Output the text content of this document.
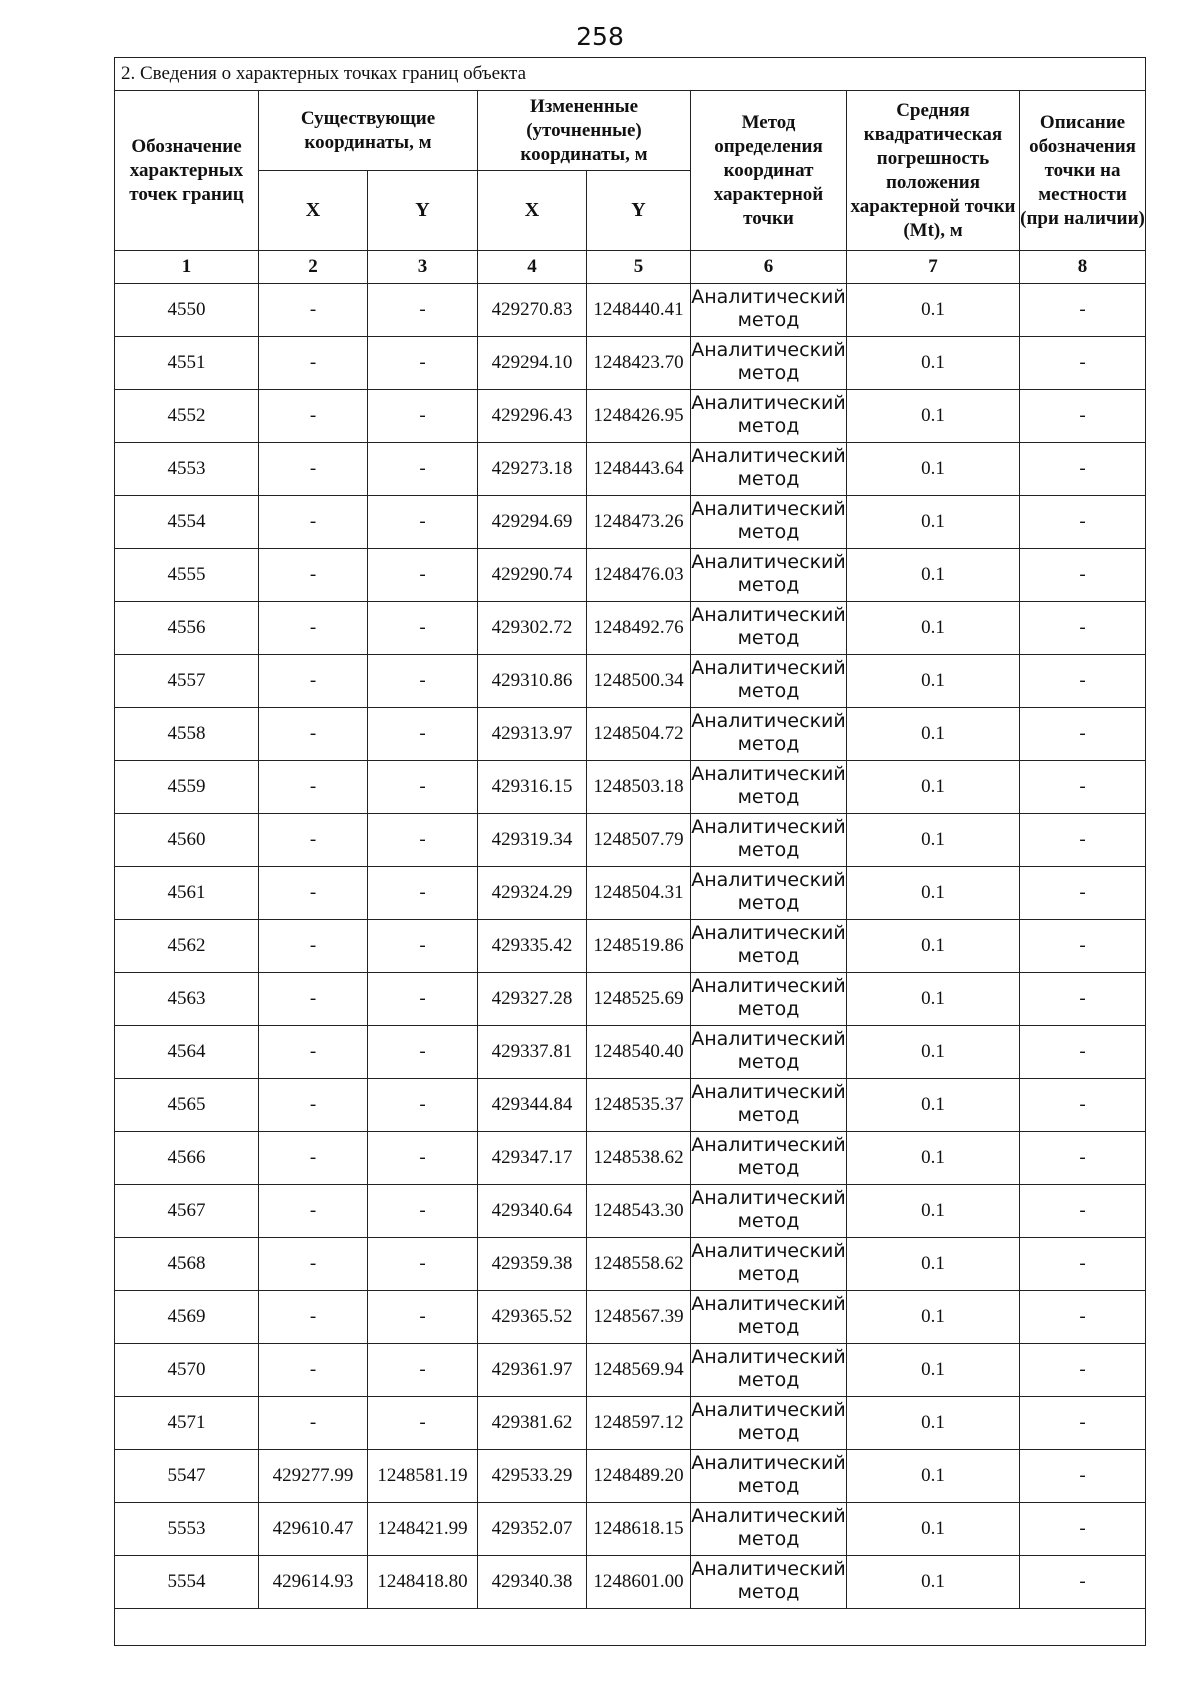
258
2. Сведения о характерных точках границ объекта							
Обозначение характерных точек границ	Существующие координаты, м		Измененные (уточненные) координаты, м		Метод определения координат характерной точки	Средняя квадратическая погрешность положения характерной точки (Mt), м	Описание обозначения точки на местности (при наличии)
	X	Y	X	Y			
1	2	3	4	5	6	7	8
4550	-	-	429270.83	1248440.41	Аналитический
метод	0.1	-
4551	-	-	429294.10	1248423.70	Аналитический
метод	0.1	-
4552	-	-	429296.43	1248426.95	Аналитический
метод	0.1	-
4553	-	-	429273.18	1248443.64	Аналитический
метод	0.1	-
4554	-	-	429294.69	1248473.26	Аналитический
метод	0.1	-
4555	-	-	429290.74	1248476.03	Аналитический
метод	0.1	-
4556	-	-	429302.72	1248492.76	Аналитический
метод	0.1	-
4557	-	-	429310.86	1248500.34	Аналитический
метод	0.1	-
4558	-	-	429313.97	1248504.72	Аналитический
метод	0.1	-
4559	-	-	429316.15	1248503.18	Аналитический
метод	0.1	-
4560	-	-	429319.34	1248507.79	Аналитический
метод	0.1	-
4561	-	-	429324.29	1248504.31	Аналитический
метод	0.1	-
4562	-	-	429335.42	1248519.86	Аналитический
метод	0.1	-
4563	-	-	429327.28	1248525.69	Аналитический
метод	0.1	-
4564	-	-	429337.81	1248540.40	Аналитический
метод	0.1	-
4565	-	-	429344.84	1248535.37	Аналитический
метод	0.1	-
4566	-	-	429347.17	1248538.62	Аналитический
метод	0.1	-
4567	-	-	429340.64	1248543.30	Аналитический
метод	0.1	-
4568	-	-	429359.38	1248558.62	Аналитический
метод	0.1	-
4569	-	-	429365.52	1248567.39	Аналитический
метод	0.1	-
4570	-	-	429361.97	1248569.94	Аналитический
метод	0.1	-
4571	-	-	429381.62	1248597.12	Аналитический
метод	0.1	-
5547	429277.99	1248581.19	429533.29	1248489.20	Аналитический
метод	0.1	-
5553	429610.47	1248421.99	429352.07	1248618.15	Аналитический
метод	0.1	-
5554	429614.93	1248418.80	429340.38	1248601.00	Аналитический
метод	0.1	-
